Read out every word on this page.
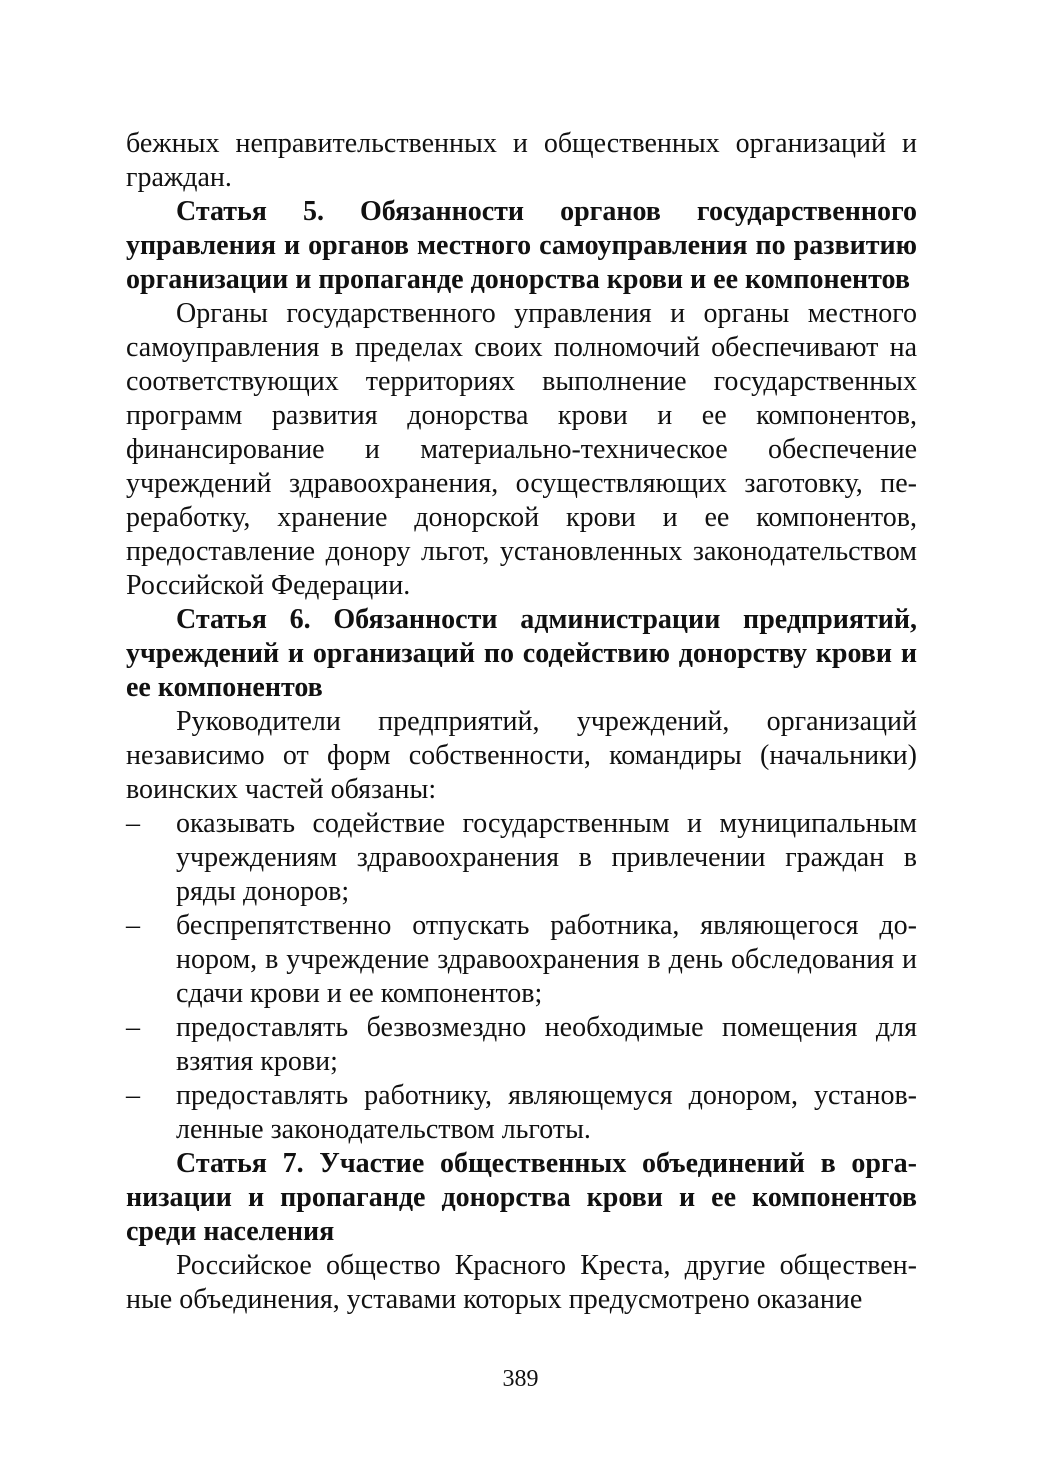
бежных неправительственных и общественных организаций и граждан.

Статья 5. Обязанности органов государственного управления и органов местного самоуправления по развитию организации и пропаганде донорства крови и ее компонентов

Органы государственного управления и органы местного самоуправления в пределах своих полномочий обеспечивают на соответствующих территориях выполнение государственных программ развития донорства крови и ее компонентов, финансирование и материально-техническое обеспечение учреждений здравоохранения, осуществляющих заготовку, переработку, хранение донорской крови и ее компонентов, предоставление донору льгот, установленных законодательством Российской Федерации.

Статья 6. Обязанности администрации предприятий, учреждений и организаций по содействию донорству крови и ее компонентов

Руководители предприятий, учреждений, организаций независимо от форм собственности, командиры (начальники) воинских частей обязаны:

– оказывать содействие государственным и муниципальным учреждениям здравоохранения в привлечении граждан в ряды доноров;
– беспрепятственно отпускать работника, являющегося донором, в учреждение здравоохранения в день обследования и сдачи крови и ее компонентов;
– предоставлять безвозмездно необходимые помещения для взятия крови;
– предоставлять работнику, являющемуся донором, установленные законодательством льготы.

Статья 7. Участие общественных объединений в организации и пропаганде донорства крови и ее компонентов среди населения

Российское общество Красного Креста, другие общественные объединения, уставами которых предусмотрено оказание

389
